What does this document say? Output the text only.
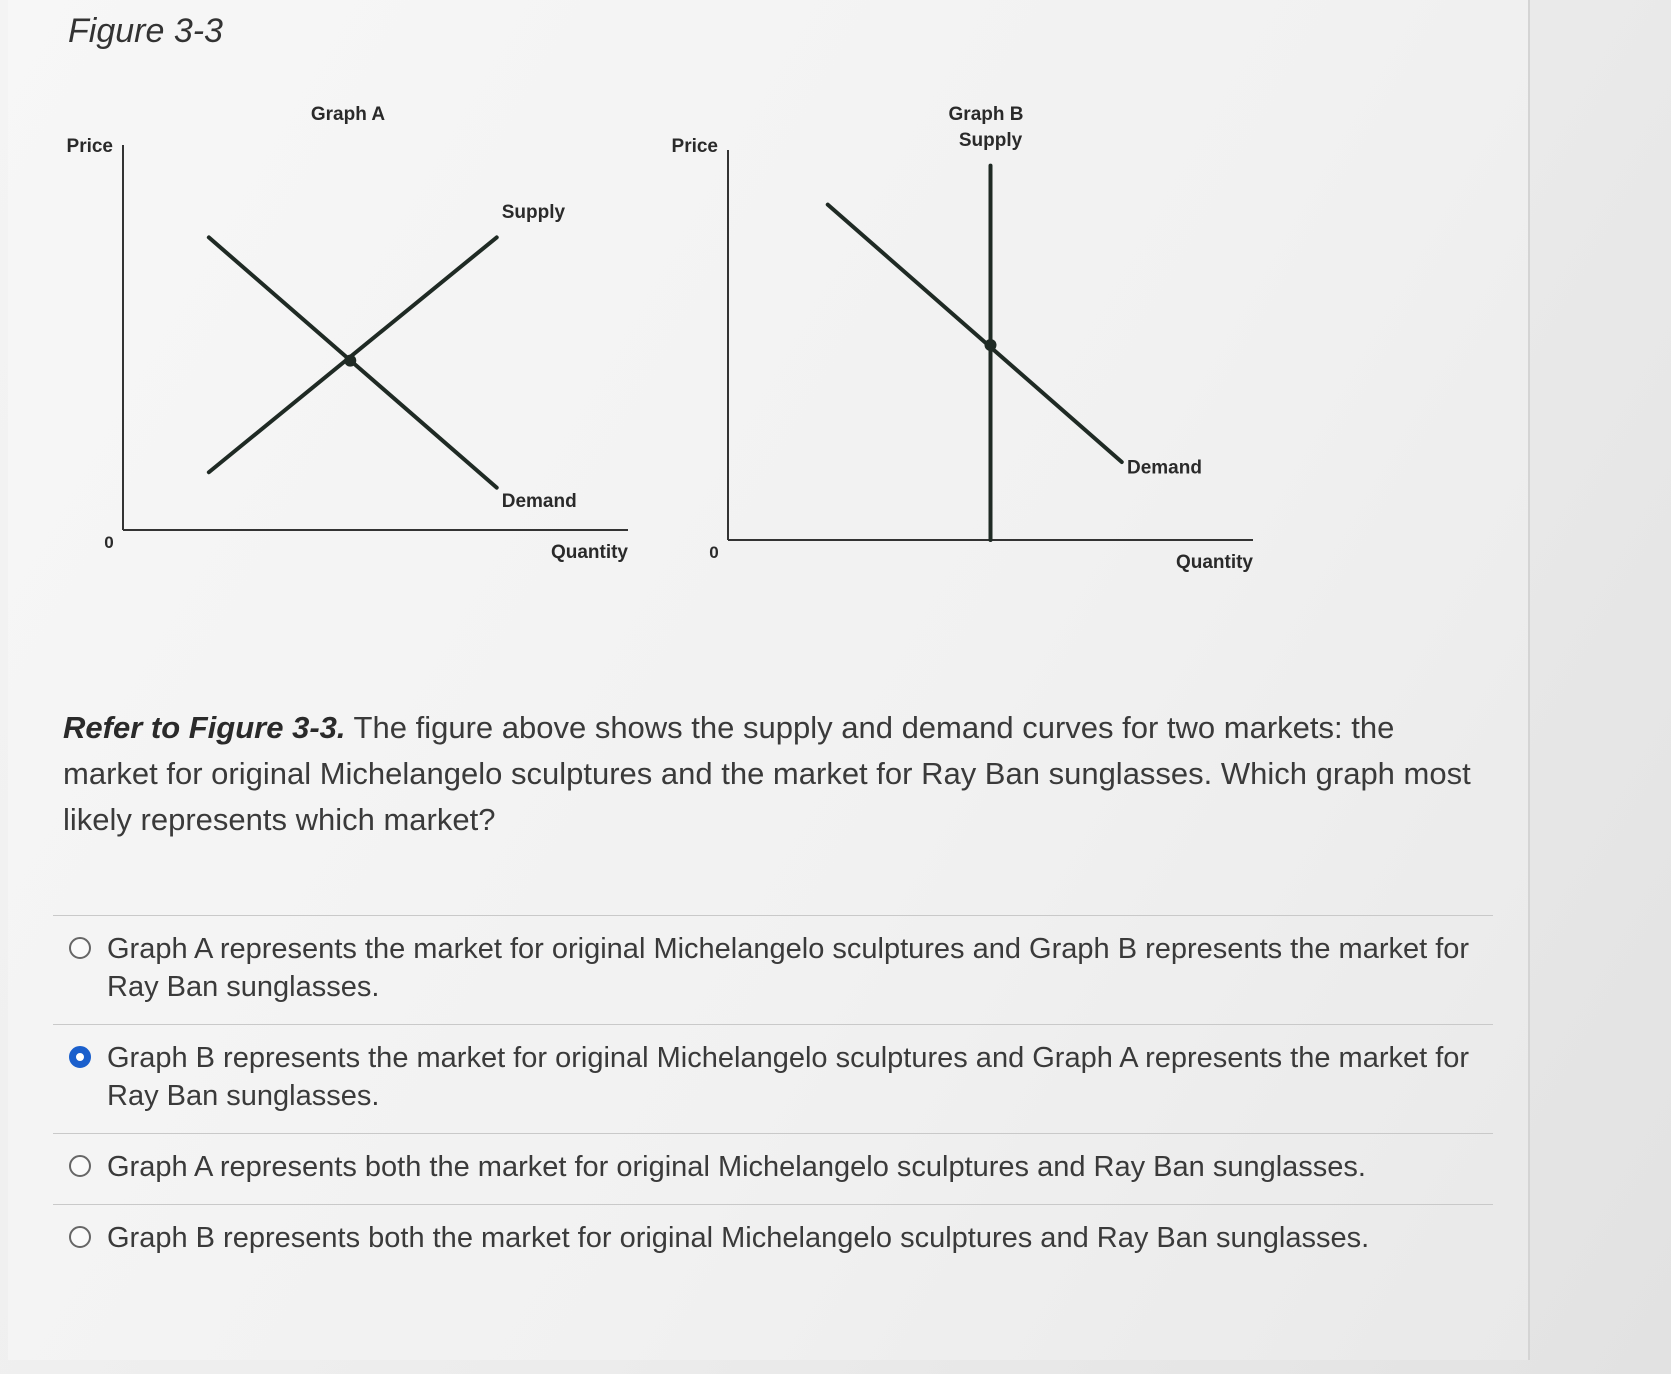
Figure 3-3
Graph A
Price
Quantity
0
Supply
Demand
Graph B
Price
Quantity
0
Supply
Demand
Refer to Figure 3-3. The figure above shows the supply and demand curves for two markets: the market for original Michelangelo sculptures and the market for Ray Ban sunglasses. Which graph most likely represents which market?
Graph A represents the market for original Michelangelo sculptures and Graph B represents the market for Ray Ban sunglasses.
Graph B represents the market for original Michelangelo sculptures and Graph A represents the market for Ray Ban sunglasses.
Graph A represents both the market for original Michelangelo sculptures and Ray Ban sunglasses.
Graph B represents both the market for original Michelangelo sculptures and Ray Ban sunglasses.
